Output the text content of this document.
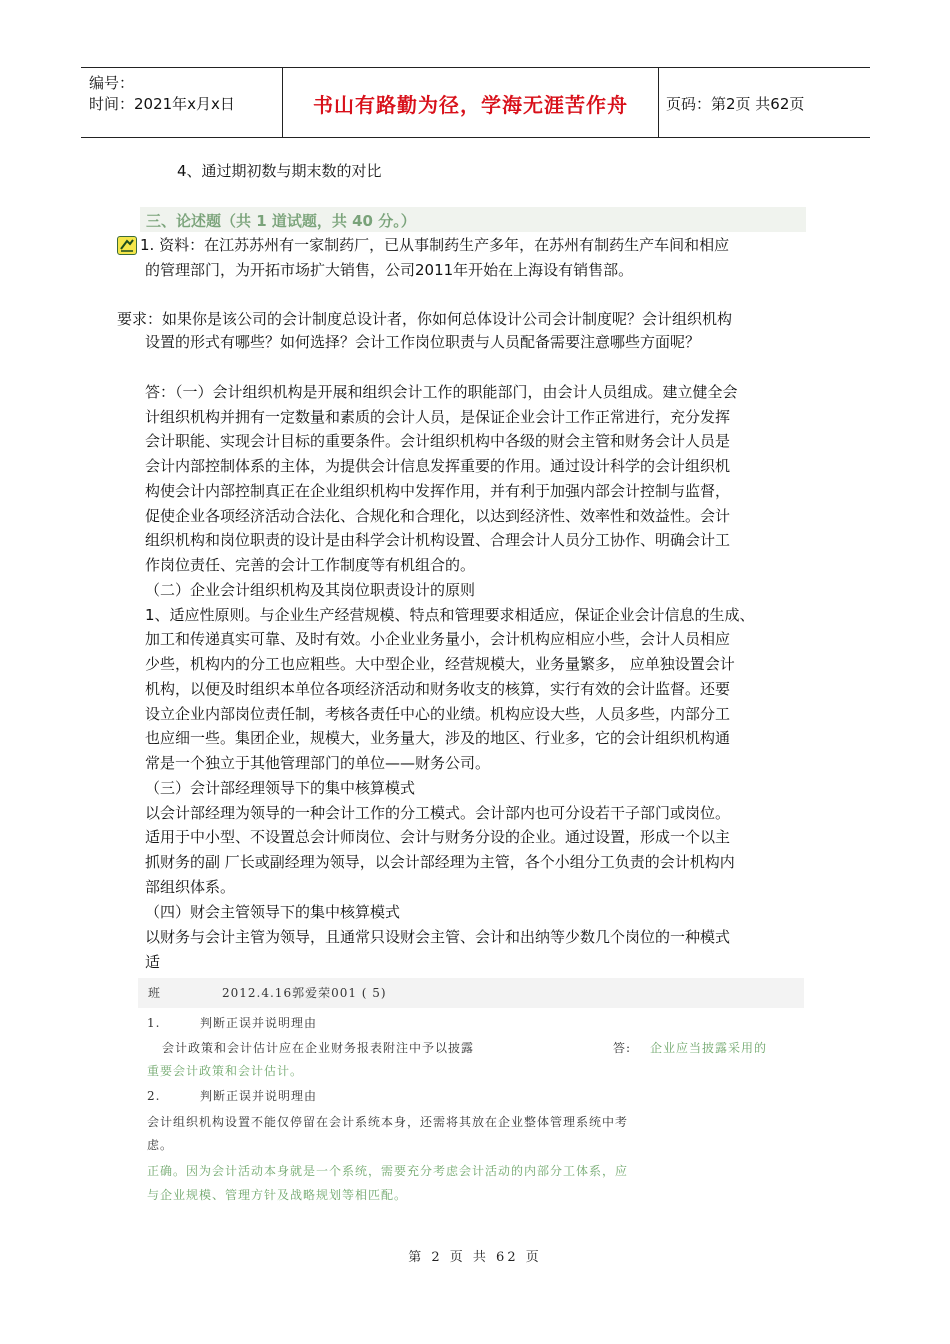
编号：
时间：2021年x月x日	书山有路勤为径，学海无涯苦作舟	页码：第2页 共62页
4、通过期初数与期末数的对比
三、论述题（共 1 道试题，共 40 分。）
1. 资料：在江苏苏州有一家制药厂，已从事制药生产多年，在苏州有制药生产车间和相应
的管理部门，为开拓市场扩大销售，公司2011年开始在上海设有销售部。
要求：如果你是该公司的会计制度总设计者，你如何总体设计公司会计制度呢？会计组织机构
设置的形式有哪些？如何选择？会计工作岗位职责与人员配备需要注意哪些方面呢？
答：（一）会计组织机构是开展和组织会计工作的职能部门，由会计人员组成。建立健全会
计组织机构并拥有一定数量和素质的会计人员，是保证企业会计工作正常进行，充分发挥
会计职能、实现会计目标的重要条件。会计组织机构中各级的财会主管和财务会计人员是
会计内部控制体系的主体，为提供会计信息发挥重要的作用。通过设计科学的会计组织机
构使会计内部控制真正在企业组织机构中发挥作用，并有利于加强内部会计控制与监督，
促使企业各项经济活动合法化、合规化和合理化，以达到经济性、效率性和效益性。会计
组织机构和岗位职责的设计是由科学会计机构设置、合理会计人员分工协作、明确会计工
作岗位责任、完善的会计工作制度等有机组合的。
（二）企业会计组织机构及其岗位职责设计的原则
1、适应性原则。与企业生产经营规模、特点和管理要求相适应，保证企业会计信息的生成、
加工和传递真实可靠、及时有效。小企业业务量小，会计机构应相应小些，会计人员相应
少些，机构内的分工也应粗些。大中型企业，经营规模大，业务量繁多， 应单独设置会计
机构，以便及时组织本单位各项经济活动和财务收支的核算，实行有效的会计监督。还要
设立企业内部岗位责任制，考核各责任中心的业绩。机构应设大些，人员多些，内部分工
也应细一些。集团企业，规模大，业务量大，涉及的地区、行业多，它的会计组织机构通
常是一个独立于其他管理部门的单位——财务公司。
（三）会计部经理领导下的集中核算模式
以会计部经理为领导的一种会计工作的分工模式。会计部内也可分设若干子部门或岗位。
适用于中小型、不设置总会计师岗位、会计与财务分设的企业。通过设置，形成一个以主
抓财务的副 厂长或副经理为领导，以会计部经理为主管，各个小组分工负责的会计机构内
部组织体系。
（四）财会主管领导下的集中核算模式
以财务与会计主管为领导，且通常只设财会主管、会计和出纳等少数几个岗位的一种模式
适
班	2012.4.16郭爱荣001 ( 5)
1.	判断正误并说明理由
会计政策和会计估计应在企业财务报表附注中予以披露	答: 企业应当披露采用的
重要会计政策和会计估计。
2.	判断正误并说明理由
会计组织机构设置不能仅停留在会计系统本身，还需将其放在企业整体管理系统中考
虑。
正确。因为会计活动本身就是一个系统，需要充分考虑会计活动的内部分工体系，应
与企业规模、管理方针及战略规划等相匹配。
第 2 页 共 62 页
